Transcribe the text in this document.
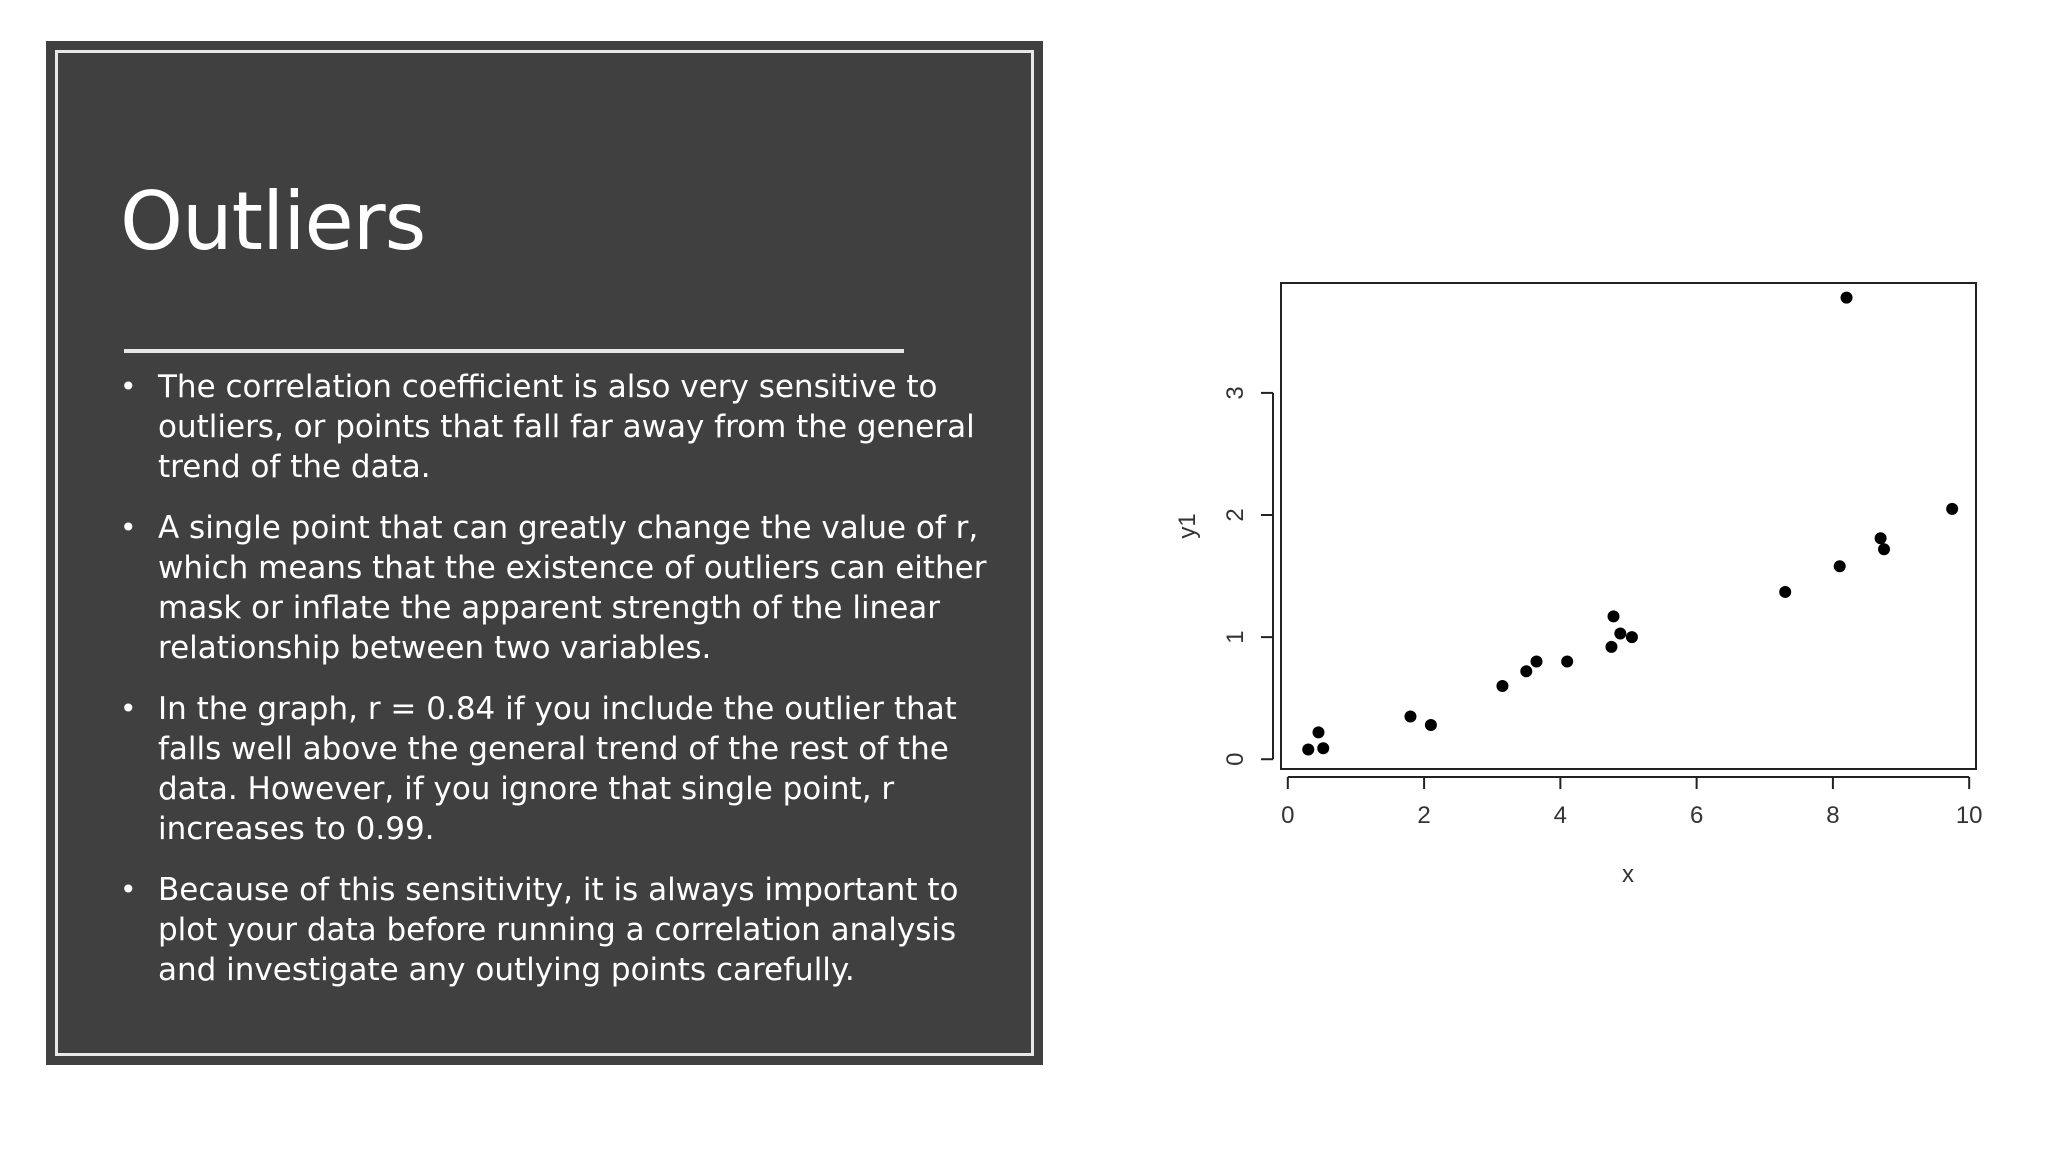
Outliers
• The correlation coefficient is also very sensitive to
outliers, or points that fall far away from the general
trend of the data.
• A single point that can greatly change the value of r,
which means that the existence of outliers can either
mask or inflate the apparent strength of the linear
relationship between two variables.
• In the graph, r = 0.84 if you include the outlier that
falls well above the general trend of the rest of the
data. However, if you ignore that single point, r
increases to 0.99.
• Because of this sensitivity, it is always important to
plot your data before running a correlation analysis
and investigate any outlying points carefully.
0	2	4	6	8	10
0
1
2
3
x
y1
